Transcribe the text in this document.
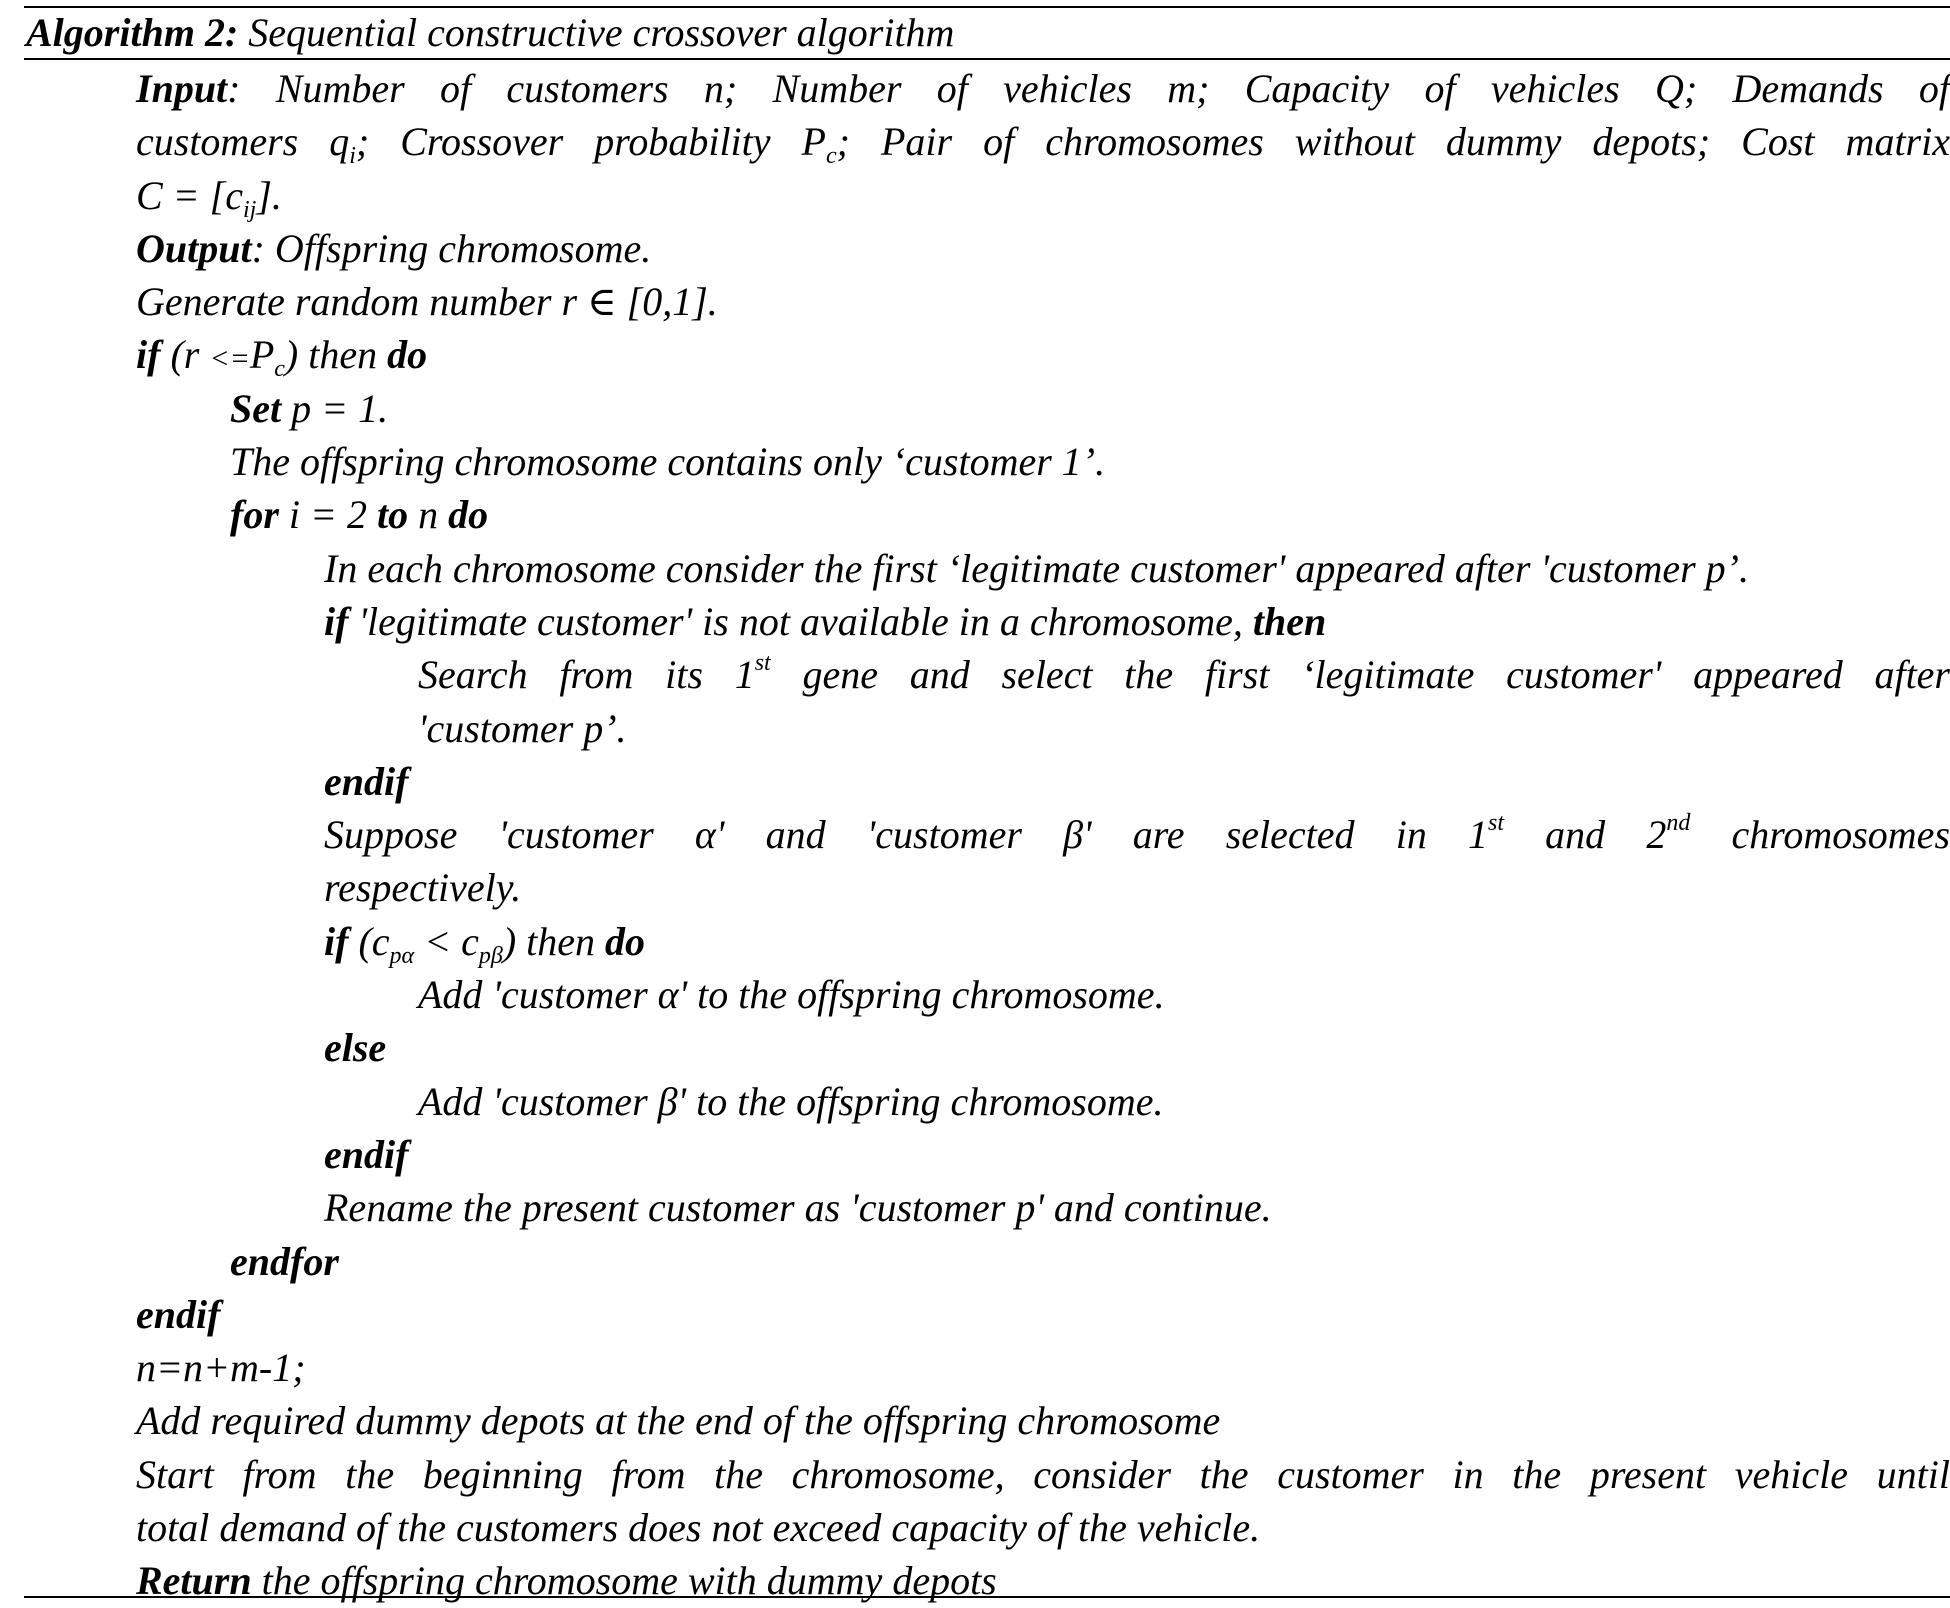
Algorithm 2: Sequential constructive crossover algorithm
Input: Number of customers n; Number of vehicles m; Capacity of vehicles Q; Demands of
customers $q_i$; Crossover probability $P_c$; Pair of chromosomes without dummy depots; Cost matrix
$C = [c_{ij}]$.
Output: Offspring chromosome.
Generate random number r ∈ [0,1].
if $(r <=P_c)$ then do
Set p = 1.
The offspring chromosome contains only ‘customer 1’.
for i = 2 to n do
In each chromosome consider the first ‘legitimate customer' appeared after 'customer p’.
if 'legitimate customer' is not available in a chromosome, then
Search from its 1st gene and select the first ‘legitimate customer' appeared after
'customer p’.
endif
Suppose 'customer α' and 'customer β' are selected in 1st and 2nd chromosomes
respectively.
if $(c_{p\alpha} < c_{p\beta})$ then do
Add 'customer α' to the offspring chromosome.
else
Add 'customer β' to the offspring chromosome.
endif
Rename the present customer as 'customer p' and continue.
endfor
endif
n=n+m-1;
Add required dummy depots at the end of the offspring chromosome
Start from the beginning from the chromosome, consider the customer in the present vehicle until
total demand of the customers does not exceed capacity of the vehicle.
Return the offspring chromosome with dummy depots
